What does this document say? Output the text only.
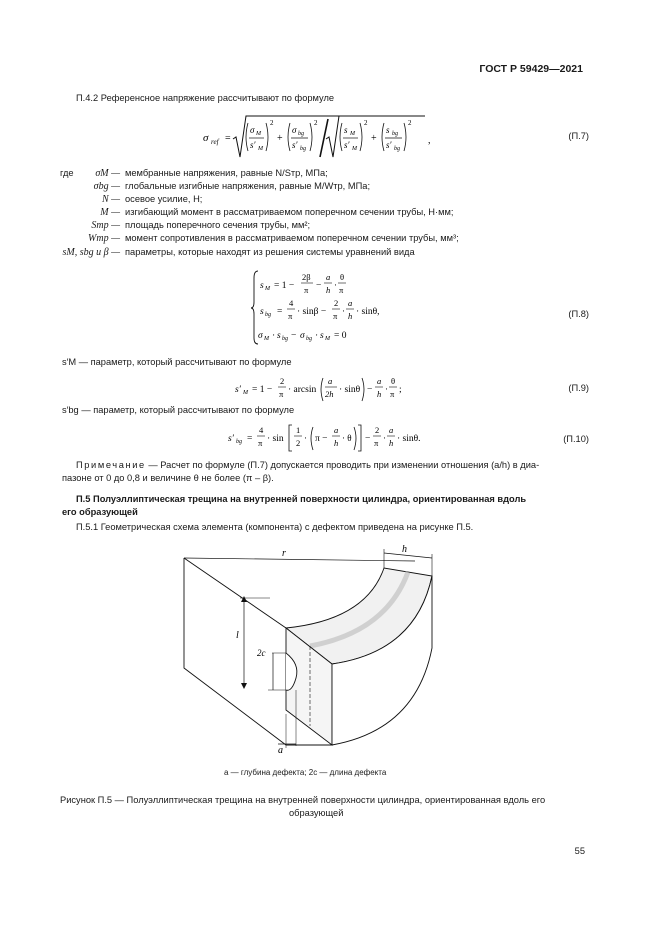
ГОСТ Р 59429—2021
П.4.2 Референсное напряжение рассчитывают по формуле
σ ref =
σ M
s′ M
2
+
σ bg
s′ bg
2
s M
s′ M
2
+
s bg
s′ bg
2
,	(П.7)
где	σM — мембранные напряжения, равные N/Sтр, МПа;
σbg — глобальные изгибные напряжения, равные M/Wтр, МПа;
N — осевое усилие, Н;
M — изгибающий момент в рассматриваемом поперечном сечении трубы, Н·мм;
Sтр — площадь поперечного сечения трубы, мм²;
Wтр — момент сопротивления в рассматриваемом поперечном сечении трубы, мм³;
sM, sbg и β — параметры, которые находят из решения системы уравнений вида
s M = 1 −
2β
π −
a
h ·
θ
π
s bg =
4
π · sinβ −
2
π ·
a
h · sinθ,
σ M · s bg − σ bg · s M = 0
(П.8)
s′M — параметр, который рассчитывают по формуле
s′ M = 1 −
2
π · arcsin
a
2h · sinθ −
a
h ·
θ
π ;	(П.9)
s′bg — параметр, который рассчитывают по формуле
s′ bg =
4
π · sin
1
2 · π −
a
h · θ −
2
π ·
a
h · sinθ.	(П.10)
Примечание — Расчет по формуле (П.7) допускается проводить при изменении отношения (a/h) в диа-
пазоне от 0 до 0,8 и величине θ не более (π – β).
П.5 Полуэллиптическая трещина на внутренней поверхности цилиндра, ориентированная вдоль
его образующей
П.5.1 Геометрическая схема элемента (компонента) с дефектом приведена на рисунке П.5.
r	h
l
2c
a
a — глубина дефекта; 2c — длина дефекта
Рисунок П.5 — Полуэллиптическая трещина на внутренней поверхности цилиндра, ориентированная вдоль его
образующей
55
